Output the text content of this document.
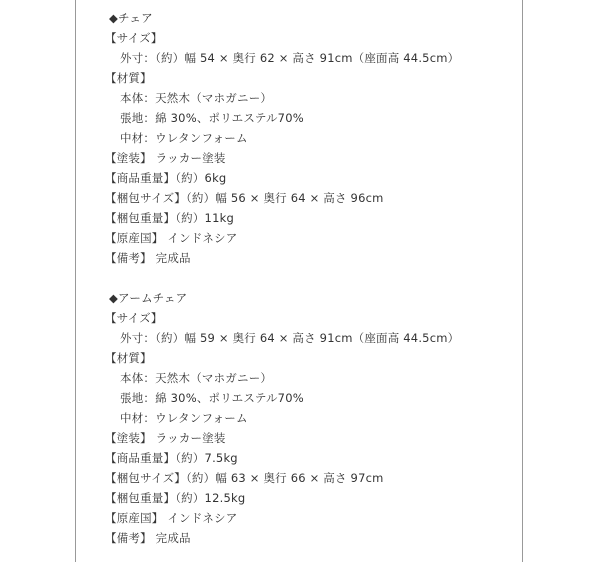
◆チェア
【サイズ】
外寸：（約）幅 54 × 奥行 62 × 高さ 91cm（座面高 44.5cm）
【材質】
本体：天然木（マホガニー）
張地：綿 30%、ポリエステル70%
中材：ウレタンフォーム
【塗装】 ラッカー塗装
【商品重量】（約）6kg
【梱包サイズ】（約）幅 56 × 奥行 64 × 高さ 96cm
【梱包重量】（約）11kg
【原産国】 インドネシア
【備考】 完成品
◆アームチェア
【サイズ】
外寸：（約）幅 59 × 奥行 64 × 高さ 91cm（座面高 44.5cm）
【材質】
本体：天然木（マホガニー）
張地：綿 30%、ポリエステル70%
中材：ウレタンフォーム
【塗装】 ラッカー塗装
【商品重量】（約）7.5kg
【梱包サイズ】（約）幅 63 × 奥行 66 × 高さ 97cm
【梱包重量】（約）12.5kg
【原産国】 インドネシア
【備考】 完成品
